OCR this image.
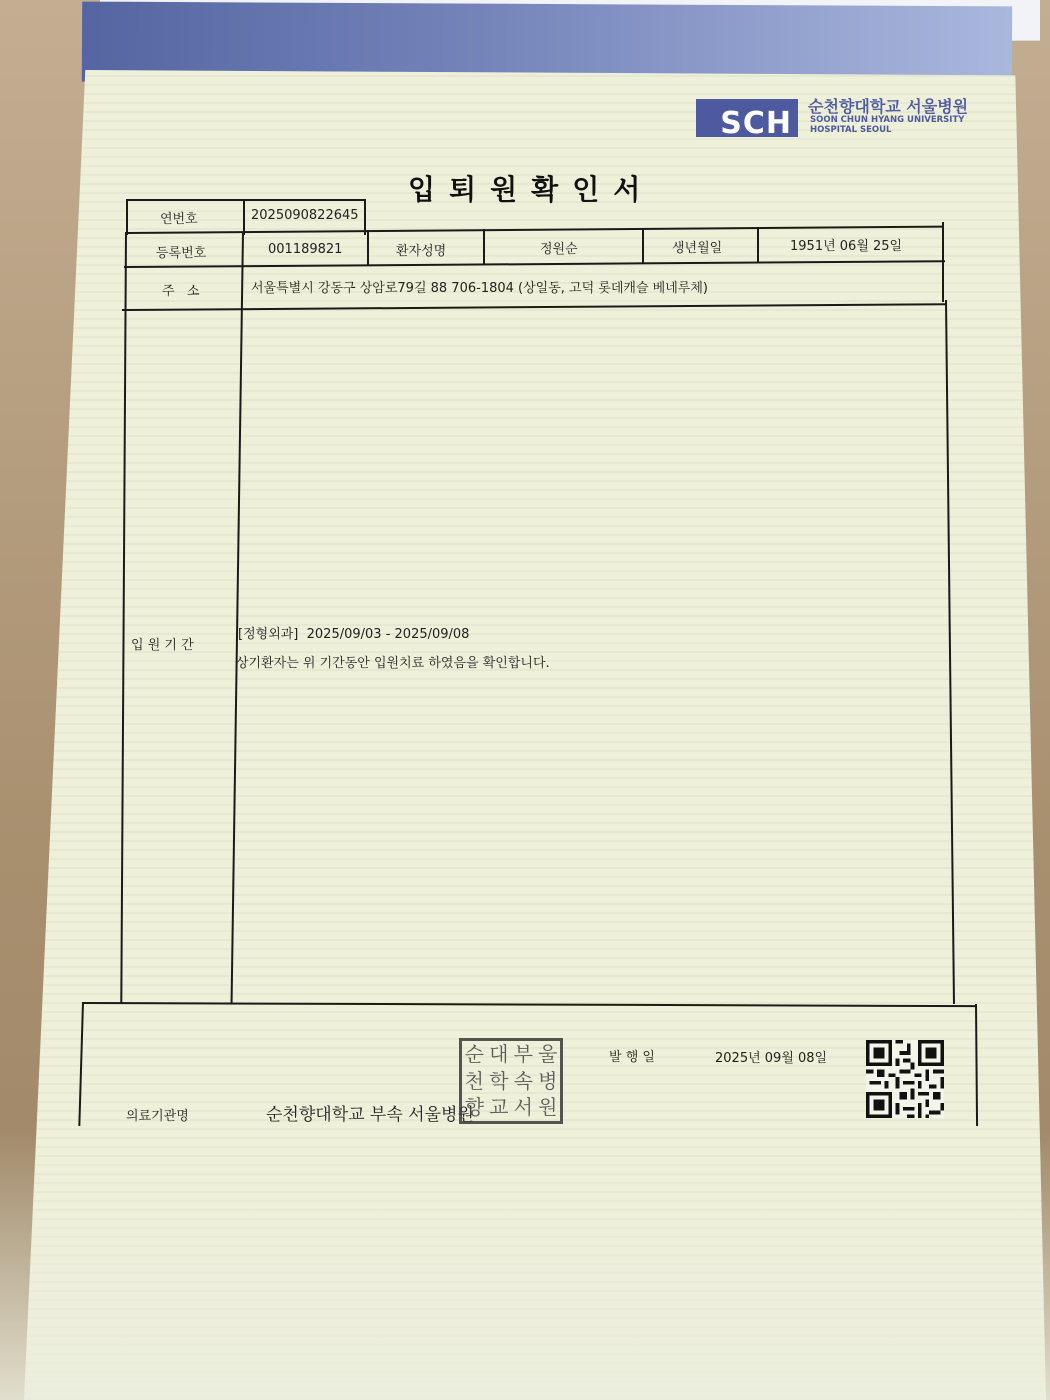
SCH	순천향대학교 서울병원
SOON CHUN HYANG UNIVERSITY
HOSPITAL SEOUL
입퇴원확인서
연번호	2025090822645
등록번호	001189821	환자성명	정원순	생년월일	1951년 06월 25일
주   소	서울특별시 강동구 상암로79길 88 706-1804 (상일동, 고덕 롯데캐슬 베네루체)
입 원 기 간
[정형외과]  2025/09/03 - 2025/09/08
상기환자는 위 기간동안 입원치료 하였음을 확인합니다.
발 행 일	2025년 09월 08일
의료기관명	순천향대학교 부속 서울병원
순 대 부 울
천 학 속 병
향 교 서 원
